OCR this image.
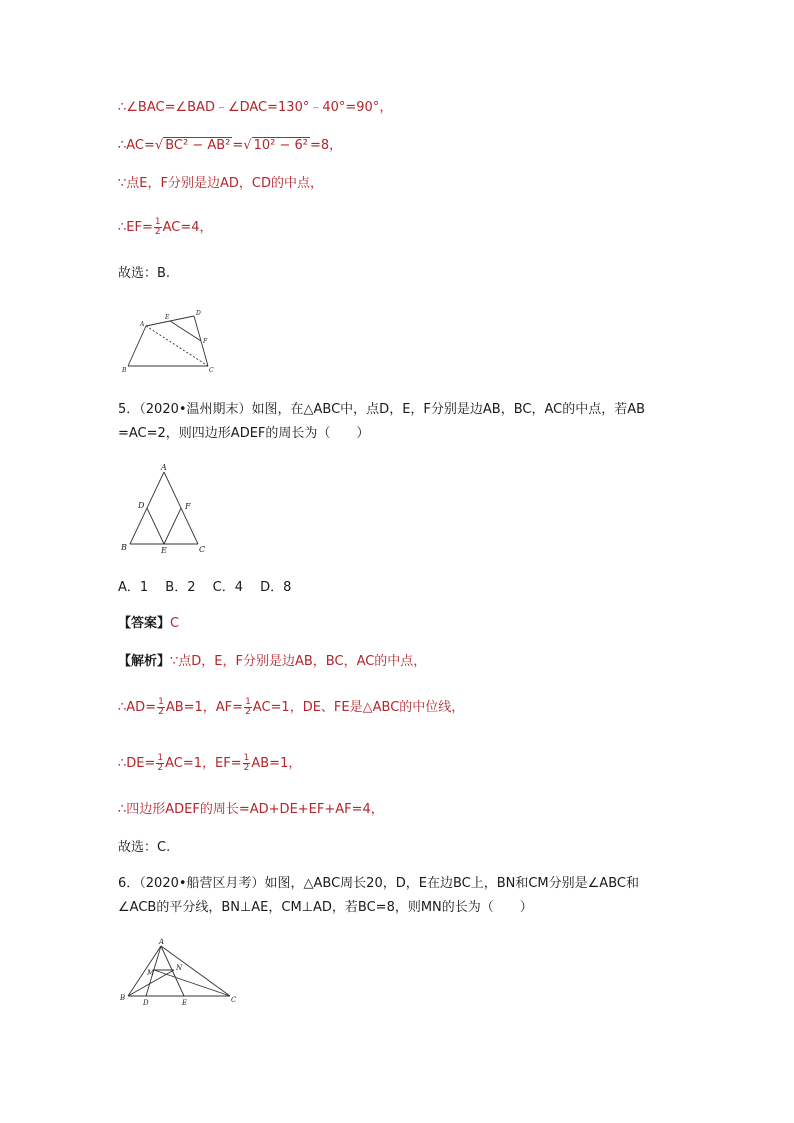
∴∠BAC=∠BAD﹣∠DAC=130°﹣40°=90°，
∴AC=√ BC² − AB² =√ 10² − 6² =8，
∵点E，F分别是边AD，CD的中点，
∴EF= $\frac{1}{2} AC=4$，
故选：B.
A
E
D
F
B	C
5．（2020•温州期末）如图，在△ABC中，点D，E，F分别是边AB，BC，AC的中点，若AB
=AC=2，则四边形ADEF的周长为（　　）
A
D	F
B	E	C
A．1　 B．2　 C．4　 D．8
【答案】C
【解析】∵点D，E，F分别是边AB，BC，AC的中点，
∴AD= $\frac{1}{2} AB=1$，$AF= \frac{1}{2} AC=1$，DE、FE是△ABC的中位线，
∴DE= $\frac{1}{2} AC=1$，$EF= \frac{1}{2} AB=1$，
∴四边形ADEF的周长=AD+DE+EF+AF=4，
故选：C.
6．（2020•船营区月考）如图，△ABC周长20，D，E在边BC上，BN和CM分别是∠ABC和
∠ACB的平分线，BN⊥AE，CM⊥AD，若BC=8，则MN的长为（　　）
A
M
N
B
D	E	C
